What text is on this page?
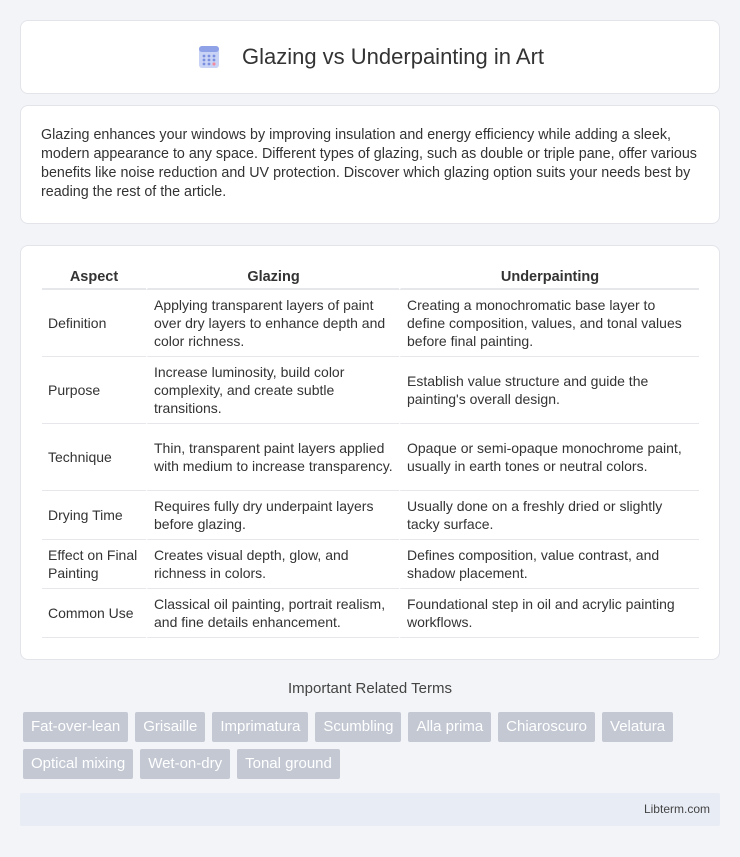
Glazing vs Underpainting in Art

Glazing enhances your windows by improving insulation and energy efficiency while adding a sleek, modern appearance to any space. Different types of glazing, such as double or triple pane, offer various benefits like noise reduction and UV protection. Discover which glazing option suits your needs best by reading the rest of the article.

Aspect	Glazing	Underpainting
Definition	Applying transparent layers of paint over dry layers to enhance depth and color richness.	Creating a monochromatic base layer to define composition, values, and tonal values before final painting.
Purpose	Increase luminosity, build color complexity, and create subtle transitions.	Establish value structure and guide the painting's overall design.
Technique	Thin, transparent paint layers applied with medium to increase transparency.	Opaque or semi-opaque monochrome paint, usually in earth tones or neutral colors.
Drying Time	Requires fully dry underpaint layers before glazing.	Usually done on a freshly dried or slightly tacky surface.
Effect on Final Painting	Creates visual depth, glow, and richness in colors.	Defines composition, value contrast, and shadow placement.
Common Use	Classical oil painting, portrait realism, and fine details enhancement.	Foundational step in oil and acrylic painting workflows.
Important Related Terms
Fat-over-lean	Grisaille	Imprimatura	Scumbling	Alla prima	Chiaroscuro	Velatura
Optical mixing	Wet-on-dry	Tonal ground
Libterm.com
